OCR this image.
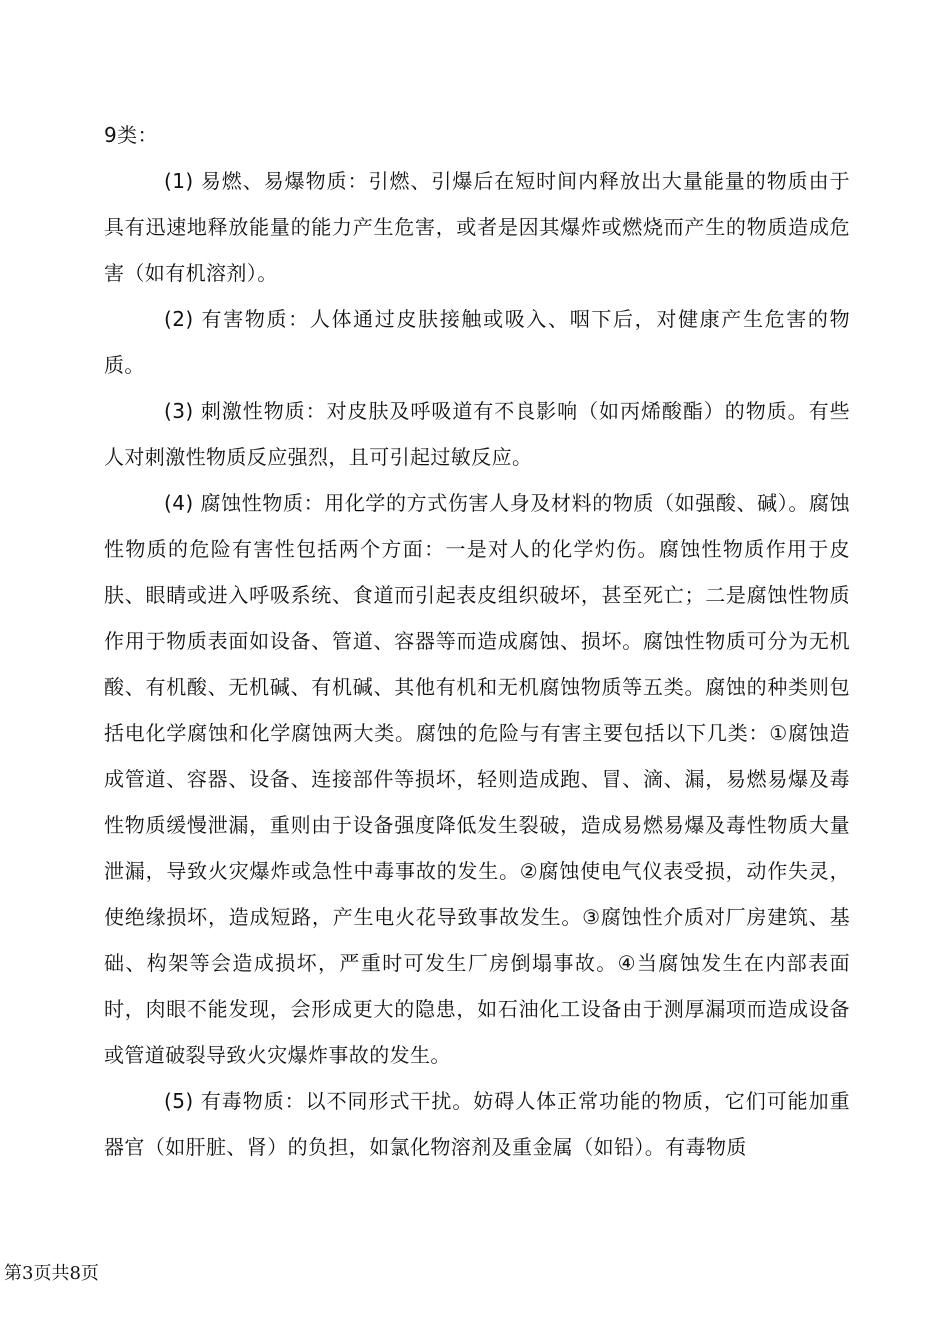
9类：

(1) 易燃、易爆物质：引燃、引爆后在短时间内释放出大量能量的物质由于具有迅速地释放能量的能力产生危害，或者是因其爆炸或燃烧而产生的物质造成危害（如有机溶剂）。

(2) 有害物质：人体通过皮肤接触或吸入、咽下后，对健康产生危害的物质。

(3) 刺激性物质：对皮肤及呼吸道有不良影响（如丙烯酸酯）的物质。有些人对刺激性物质反应强烈，且可引起过敏反应。

(4) 腐蚀性物质：用化学的方式伤害人身及材料的物质（如强酸、碱）。腐蚀性物质的危险有害性包括两个方面：一是对人的化学灼伤。腐蚀性物质作用于皮肤、眼睛或进入呼吸系统、食道而引起表皮组织破坏，甚至死亡；二是腐蚀性物质作用于物质表面如设备、管道、容器等而造成腐蚀、损坏。腐蚀性物质可分为无机酸、有机酸、无机碱、有机碱、其他有机和无机腐蚀物质等五类。腐蚀的种类则包括电化学腐蚀和化学腐蚀两大类。腐蚀的危险与有害主要包括以下几类：①腐蚀造成管道、容器、设备、连接部件等损坏，轻则造成跑、冒、滴、漏，易燃易爆及毒性物质缓慢泄漏，重则由于设备强度降低发生裂破，造成易燃易爆及毒性物质大量泄漏，导致火灾爆炸或急性中毒事故的发生。②腐蚀使电气仪表受损，动作失灵，使绝缘损坏，造成短路，产生电火花导致事故发生。③腐蚀性介质对厂房建筑、基础、构架等会造成损坏，严重时可发生厂房倒塌事故。④当腐蚀发生在内部表面时，肉眼不能发现，会形成更大的隐患，如石油化工设备由于测厚漏项而造成设备或管道破裂导致火灾爆炸事故的发生。

(5) 有毒物质：以不同形式干扰。妨碍人体正常功能的物质，它们可能加重器官（如肝脏、肾）的负担，如氯化物溶剂及重金属（如铅）。有毒物质

第3页共8页
